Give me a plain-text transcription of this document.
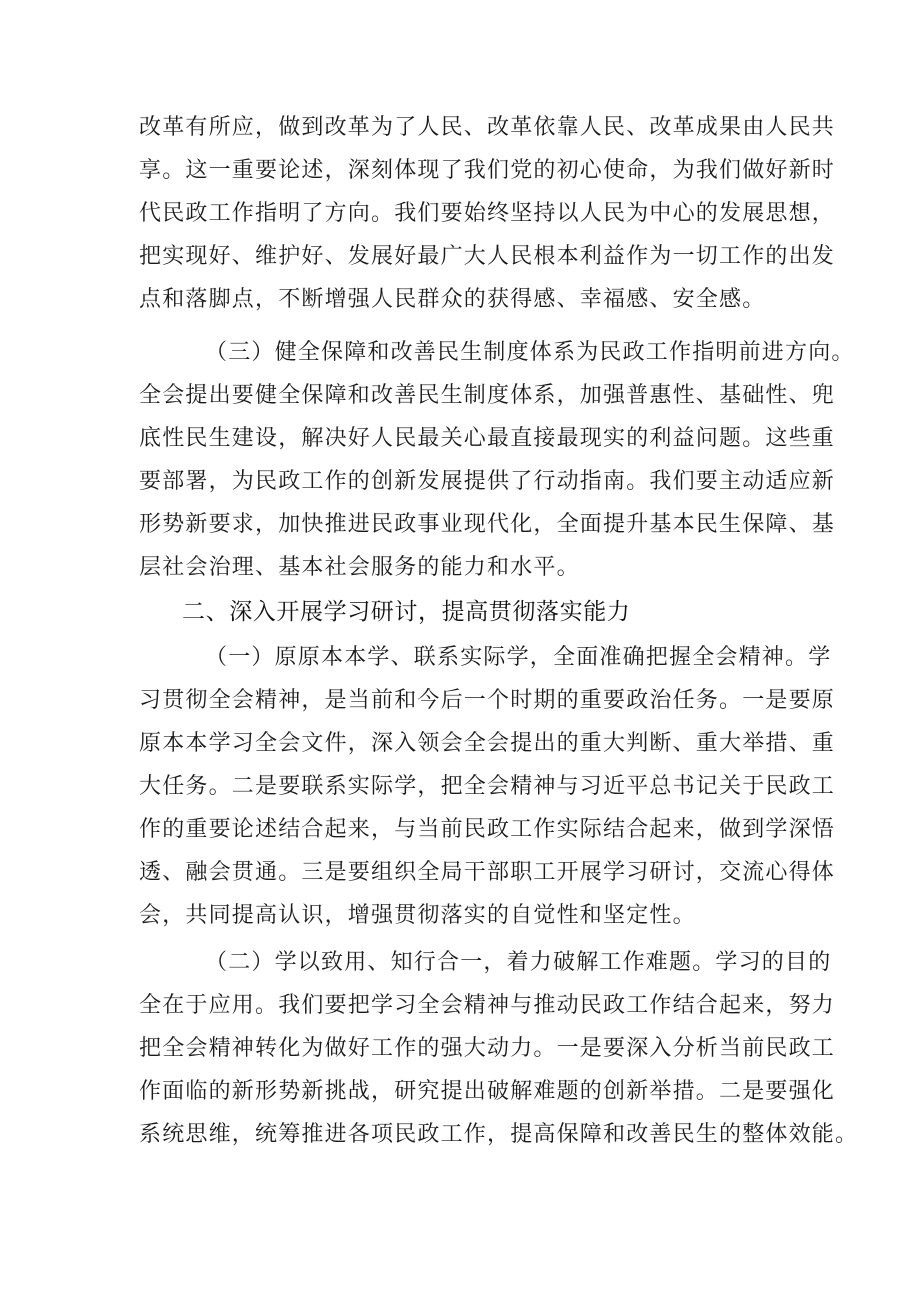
改革有所应，做到改革为了人民、改革依靠人民、改革成果由人民共
享。这一重要论述，深刻体现了我们党的初心使命，为我们做好新时
代民政工作指明了方向。我们要始终坚持以人民为中心的发展思想，
把实现好、维护好、发展好最广大人民根本利益作为一切工作的出发
点和落脚点，不断增强人民群众的获得感、幸福感、安全感。
（三）健全保障和改善民生制度体系为民政工作指明前进方向。
全会提出要健全保障和改善民生制度体系，加强普惠性、基础性、兜
底性民生建设，解决好人民最关心最直接最现实的利益问题。这些重
要部署，为民政工作的创新发展提供了行动指南。我们要主动适应新
形势新要求，加快推进民政事业现代化，全面提升基本民生保障、基
层社会治理、基本社会服务的能力和水平。
二、深入开展学习研讨，提高贯彻落实能力
（一）原原本本学、联系实际学，全面准确把握全会精神。学
习贯彻全会精神，是当前和今后一个时期的重要政治任务。一是要原
原本本学习全会文件，深入领会全会提出的重大判断、重大举措、重
大任务。二是要联系实际学，把全会精神与习近平总书记关于民政工
作的重要论述结合起来，与当前民政工作实际结合起来，做到学深悟
透、融会贯通。三是要组织全局干部职工开展学习研讨，交流心得体
会，共同提高认识，增强贯彻落实的自觉性和坚定性。
（二）学以致用、知行合一，着力破解工作难题。学习的目的
全在于应用。我们要把学习全会精神与推动民政工作结合起来，努力
把全会精神转化为做好工作的强大动力。一是要深入分析当前民政工
作面临的新形势新挑战，研究提出破解难题的创新举措。二是要强化
系统思维，统筹推进各项民政工作，提高保障和改善民生的整体效能。
